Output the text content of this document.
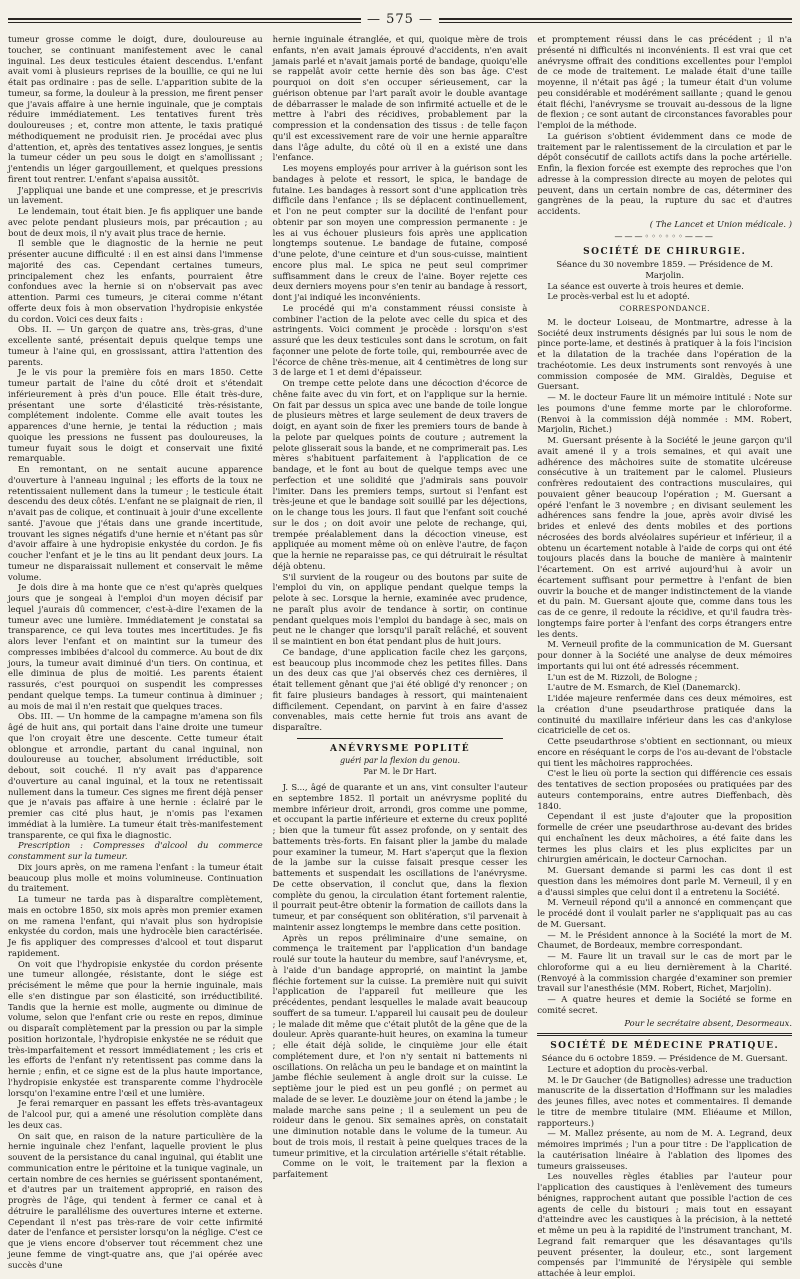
— 575 —

tumeur grosse comme le doigt, dure, douloureuse au toucher, se continuant manifestement avec le canal inguinal. Les deux testicules étaient descendus. L'enfant avait vomi à plusieurs reprises de la bouillie, ce qui ne lui était pas ordinaire : pas de selle. L'apparition subite de la tumeur, sa forme, la douleur à la pression, me firent penser que j'avais affaire à une hernie inguinale, que je comptais réduire immédiatement. Les tentatives furent très douloureuses ; et, contre mon attente, le taxis pratiqué méthodiquement ne produisit rien. Je procédai avec plus d'attention, et, après des tentatives assez longues, je sentis la tumeur céder un peu sous le doigt en s'amollissant ; j'entendis un léger gargouillement, et quelques pressions firent tout rentrer. L'enfant s'apaisa aussitôt.

J'appliquai une bande et une compresse, et je prescrivis un lavement.

Le lendemain, tout était bien. Je fis appliquer une bande avec pelote pendant plusieurs mois, par précaution ; au bout de deux mois, il n'y avait plus trace de hernie.

Il semble que le diagnostic de la hernie ne peut présenter aucune difficulté : il en est ainsi dans l'immense majorité des cas. Cependant certaines tumeurs, principalement chez les enfants, pourraient être confondues avec la hernie si on n'observait pas avec attention. Parmi ces tumeurs, je citerai comme n'étant offerte deux fois à mon observation l'hydropisie enkystée du cordon. Voici ces deux faits :

Obs. II. — Un garçon de quatre ans, très-gras, d'une excellente santé, présentait depuis quelque temps une tumeur à l'aine qui, en grossissant, attira l'attention des parents.

Je le vis pour la première fois en mars 1850. Cette tumeur partait de l'aine du côté droit et s'étendait inférieurement à près d'un pouce. Elle était très-dure, présentant une sorte d'élasticité très-résistante, complétement indolente. Comme elle avait toutes les apparences d'une hernie, je tentai la réduction ; mais quoique les pressions ne fussent pas douloureuses, la tumeur fuyait sous le doigt et conservait une fixité remarquable.

En remontant, on ne sentait aucune apparence d'ouverture à l'anneau inguinal ; les efforts de la toux ne retentissaient nullement dans la tumeur ; le testicule était descendu des deux côtés. L'enfant ne se plaignait de rien, il n'avait pas de colique, et continuait à jouir d'une excellente santé. J'avoue que j'étais dans une grande incertitude, trouvant les signes négatifs d'une hernie et n'étant pas sûr d'avoir affaire à une hydropisie enkystée du cordon. Je fis coucher l'enfant et je le tins au lit pendant deux jours. La tumeur ne disparaissait nullement et conservait le même volume.

Je dois dire à ma honte que ce n'est qu'après quelques jours que je songeai à l'emploi d'un moyen décisif par lequel j'aurais dû commencer, c'est-à-dire l'examen de la tumeur avec une lumière. Immédiatement je constatai sa transparence, ce qui leva toutes mes incertitudes. Je fis alors lever l'enfant et on maintint sur la tumeur des compresses imbibées d'alcool du commerce. Au bout de dix jours, la tumeur avait diminué d'un tiers. On continua, et elle diminua de plus de moitié. Les parents étaient rassurés, c'est pourquoi on suspendit les compresses pendant quelque temps. La tumeur continua à diminuer ; au mois de mai il n'en restait que quelques traces.

Obs. III. — Un homme de la campagne m'amena son fils âgé de huit ans, qui portait dans l'aine droite une tumeur que l'on croyait être une descente. Cette tumeur était oblongue et arrondie, partant du canal inguinal, non douloureuse au toucher, absolument irréductible, soit debout, soit couché. Il n'y avait pas d'apparence d'ouverture au canal inguinal, et la toux ne retentissait nullement dans la tumeur. Ces signes me firent déjà penser que je n'avais pas affaire à une hernie : éclairé par le premier cas cité plus haut, je n'omis pas l'examen immédiat à la lumière. La tumeur était très-manifestement transparente, ce qui fixa le diagnostic.

Prescription : Compresses d'alcool du commerce constamment sur la tumeur.

Dix jours après, on me ramena l'enfant : la tumeur était beaucoup plus molle et moins volumineuse. Continuation du traitement.

La tumeur ne tarda pas à disparaître complètement, mais en octobre 1850, six mois après mon premier examen on me ramena l'enfant, qui n'avait plus son hydropisie enkystée du cordon, mais une hydrocèle bien caractérisée. Je fis appliquer des compresses d'alcool et tout disparut rapidement.

On voit que l'hydropisie enkystée du cordon présente une tumeur allongée, résistante, dont le siége est précisément le même que pour la hernie inguinale, mais elle s'en distingue par son élasticité, son irréductibilité. Tandis que la hernie est molle, augmente ou diminue de volume, selon que l'enfant crie ou reste en repos, diminue ou disparaît complètement par la pression ou par la simple position horizontale, l'hydropisie enkystée ne se réduit que très-imparfaitement et ressort immédiatement ; les cris et les efforts de l'enfant n'y retentissent pas comme dans la hernie ; enfin, et ce signe est de la plus haute importance, l'hydropisie enkystée est transparente comme l'hydrocèle lorsqu'on l'examine entre l'œil et une lumière.

Je ferai remarquer en passant les effets très-avantageux de l'alcool pur, qui a amené une résolution complète dans les deux cas.

On sait que, en raison de la nature particulière de la hernie inguinale chez l'enfant, laquelle provient le plus souvent de la persistance du canal inguinal, qui établit une communication entre le péritoine et la tunique vaginale, un certain nombre de ces hernies se guérissent spontanément, et d'autres par un traitement approprié, en raison des progrès de l'âge, qui tendent à fermer ce canal et à détruire le parallélisme des ouvertures interne et externe. Cependant il n'est pas très-rare de voir cette infirmité dater de l'enfance et persister lorsqu'on la néglige. C'est ce que je viens encore d'observer tout récemment chez une jeune femme de vingt-quatre ans, que j'ai opérée avec succès d'une

hernie inguinale étranglée, et qui, quoique mère de trois enfants, n'en avait jamais éprouvé d'accidents, n'en avait jamais parlé et n'avait jamais porté de bandage, quoiqu'elle se rappelât avoir cette hernie dès son bas âge. C'est pourquoi on doit s'en occuper sérieusement, car la guérison obtenue par l'art paraît avoir le double avantage de débarrasser le malade de son infirmité actuelle et de le mettre à l'abri des récidives, probablement par la compression et la condensation des tissus : de telle façon qu'il est excessivement rare de voir une hernie apparaître dans l'âge adulte, du côté où il en a existé une dans l'enfance.

Les moyens employés pour arriver à la guérison sont les bandages à pelote et ressort, le spica, le bandage de futaine. Les bandages à ressort sont d'une application très difficile dans l'enfance ; ils se déplacent continuellement, et l'on ne peut compter sur la docilité de l'enfant pour obtenir par son moyen une compression permanente : je les ai vus échouer plusieurs fois après une application longtemps soutenue. Le bandage de futaine, composé d'une pelote, d'une ceinture et d'un sous-cuisse, maintient encore plus mal. Le spica ne peut seul comprimer suffisamment dans le creux de l'aine. Boyer rejette ces deux derniers moyens pour s'en tenir au bandage à ressort, dont j'ai indiqué les inconvénients.

Le procédé qui m'a constamment réussi consiste à combiner l'action de la pelote avec celle du spica et des astringents. Voici comment je procède : lorsqu'on s'est assuré que les deux testicules sont dans le scrotum, on fait façonner une pelote de forte toile, qui, rembourrée avec de l'écorce de chêne très-menue, ait 4 centimètres de long sur 3 de large et 1 et demi d'épaisseur.

On trempe cette pelote dans une décoction d'écorce de chêne faite avec du vin fort, et on l'applique sur la hernie. On fait par dessus un spica avec une bande de toile longue de plusieurs mètres et large seulement de deux travers de doigt, en ayant soin de fixer les premiers tours de bande à la pelote par quelques points de couture ; autrement la pelote glisserait sous la bande, et ne comprimerait pas. Les mères s'habituent parfaitement à l'application de ce bandage, et le font au bout de quelque temps avec une perfection et une solidité que j'admirais sans pouvoir l'imiter. Dans les premiers temps, surtout si l'enfant est très-jeune et que le bandage soit souillé par les déjections, on le change tous les jours. Il faut que l'enfant soit couché sur le dos ; on doit avoir une pelote de rechange, qui, trempée préalablement dans la décoction vineuse, est appliquée au moment même où on enlève l'autre, de façon que la hernie ne reparaisse pas, ce qui détruirait le résultat déjà obtenu.

S'il survient de la rougeur ou des boutons par suite de l'emploi du vin, on applique pendant quelque temps la pelote à sec. Lorsque la hernie, examinée avec prudence, ne paraît plus avoir de tendance à sortir, on continue pendant quelques mois l'emploi du bandage à sec, mais on peut ne le changer que lorsqu'il paraît relâché, et souvent il se maintient en bon état pendant plus de huit jours.

Ce bandage, d'une application facile chez les garçons, est beaucoup plus incommode chez les petites filles. Dans un des deux cas que j'ai observés chez ces dernières, il était tellement gênant que j'ai été obligé d'y renoncer ; on fit faire plusieurs bandages à ressort, qui maintenaient difficilement. Cependant, on parvint à en faire d'assez convenables, mais cette hernie fut trois ans avant de disparaître.

ANÉVRYSME POPLITÉ
guéri par la flexion du genou.
Par M. le Dr Hart.

J. S..., âgé de quarante et un ans, vint consulter l'auteur en septembre 1852. Il portait un anévrysme poplité du membre inférieur droit, arrondi, gros comme une pomme, et occupant la partie inférieure et externe du creux poplité ; bien que la tumeur fût assez profonde, on y sentait des battements très-forts. En faisant plier la jambe du malade pour examiner la tumeur, M. Hart s'aperçut que la flexion de la jambe sur la cuisse faisait presque cesser les battements et suspendait les oscillations de l'anévrysme. De cette observation, il conclut que, dans la flexion complète du genou, la circulation étant fortement ralentie, il pourrait peut-être obtenir la formation de caillots dans la tumeur, et par conséquent son oblitération, s'il parvenait à maintenir assez longtemps le membre dans cette position.

Après un repos préliminaire d'une semaine, on commença le traitement par l'application d'un bandage roulé sur toute la hauteur du membre, sauf l'anévrysme, et, à l'aide d'un bandage approprié, on maintint la jambe fléchie fortement sur la cuisse. La première nuit qui suivit l'application de l'appareil fut meilleure que les précédentes, pendant lesquelles le malade avait beaucoup souffert de sa tumeur. L'appareil lui causait peu de douleur ; le malade dit même que c'était plutôt de la gêne que de la douleur. Après quarante-huit heures, on examina la tumeur ; elle était déjà solide, le cinquième jour elle était complétement dure, et l'on n'y sentait ni battements ni oscillations. On relâcha un peu le bandage et on maintint la jambe fléchie seulement à angle droit sur la cuisse. Le septième jour le pied est un peu gonflé ; on permet au malade de se lever. Le douzième jour on étend la jambe ; le malade marche sans peine ; il a seulement un peu de roideur dans le genou. Six semaines après, on constatait une diminution notable dans le volume de la tumeur. Au bout de trois mois, il restait à peine quelques traces de la tumeur primitive, et la circulation artérielle s'était rétablie.

Comme on le voit, le traitement par la flexion a parfaitement

et promptement réussi dans le cas précédent ; il n'a présenté ni difficultés ni inconvénients. Il est vrai que cet anévrysme offrait des conditions excellentes pour l'emploi de ce mode de traitement. Le malade était d'une taille moyenne, il n'était pas âgé ; la tumeur était d'un volume peu considérable et modérément saillante ; quand le genou était fléchi, l'anévrysme se trouvait au-dessous de la ligne de flexion ; ce sont autant de circonstances favorables pour l'emploi de la méthode.

La guérison s'obtient évidemment dans ce mode de traitement par le ralentissement de la circulation et par le dépôt consécutif de caillots actifs dans la poche artérielle. Enfin, la flexion forcée est exempte des reproches que l'on adresse à la compression directe au moyen de pelotes qui peuvent, dans un certain nombre de cas, déterminer des gangrènes de la peau, la rupture du sac et d'autres accidents.

( The Lancet et Union médicale. )
———◦◦◦◦◦◦———
SOCIÉTÉ DE CHIRURGIE.

Séance du 30 novembre 1859. — Présidence de M. Marjolin.

La séance est ouverte à trois heures et demie.

Le procès-verbal est lu et adopté.

CORRESPONDANCE.

M. le docteur Loiseau, de Montmartre, adresse à la Société deux instruments désignés par lui sous le nom de pince porte-lame, et destinés à pratiquer à la fois l'incision et la dilatation de la trachée dans l'opération de la trachéotomie. Les deux instruments sont renvoyés à une commission composée de MM. Giraldès, Deguise et Guersant.

— M. le docteur Faure lit un mémoire intitulé : Note sur les poumons d'une femme morte par le chloroforme. (Renvoi à la commission déjà nommée : MM. Robert, Marjolin, Richet.)

M. Guersant présente à la Société le jeune garçon qu'il avait amené il y a trois semaines, et qui avait une adhérence des mâchoires suite de stomatite ulcéreuse consécutive à un traitement par le calomel. Plusieurs confrères redoutaient des contractions musculaires, qui pouvaient gêner beaucoup l'opération ; M. Guersant a opéré l'enfant le 3 novembre ; en divisant seulement les adhérences sans fendre la joue, après avoir divisé les brides et enlevé des dents mobiles et des portions nécrosées des bords alvéolaires supérieur et inférieur, il a obtenu un écartement notable à l'aide de corps qui ont été toujours placés dans la bouche de manière à maintenir l'écartement. On est arrivé aujourd'hui à avoir un écartement suffisant pour permettre à l'enfant de bien ouvrir la bouche et de manger indistinctement de la viande et du pain. M. Guersant ajoute que, comme dans tous les cas de ce genre, il redoute la récidive, et qu'il faudra très-longtemps faire porter à l'enfant des corps étrangers entre les dents.

M. Verneuil profite de la communication de M. Guersant pour donner à la Société une analyse de deux mémoires importants qui lui ont été adressés récemment.

L'un est de M. Rizzoli, de Bologne ;

L'autre de M. Esmarch, de Kiel (Danemarck).

L'idée majeure renfermée dans ces deux mémoires, est la création d'une pseudarthrose pratiquée dans la continuité du maxillaire inférieur dans les cas d'ankylose cicatricielle de cet os.

Cette pseudarthrose s'obtient en sectionnant, ou mieux encore en réséquant le corps de l'os au-devant de l'obstacle qui tient les mâchoires rapprochées.

C'est le lieu où porte la section qui différencie ces essais des tentatives de section proposées ou pratiquées par des auteurs contemporains, entre autres Dieffenbach, dès 1840.

Cependant il est juste d'ajouter que la proposition formelle de créer une pseudarthrose au-devant des brides qui enchaînent les deux mâchoires, a été faite dans les termes les plus clairs et les plus explicites par un chirurgien américain, le docteur Carnochan.

M. Guersant demande si parmi les cas dont il est question dans les mémoires dont parle M. Verneuil, il y en a d'aussi simples que celui dont il a entretenu la Société.

M. Verneuil répond qu'il a annoncé en commençant que le procédé dont il voulait parler ne s'appliquait pas au cas de M. Guersant.

— M. le Président annonce à la Société la mort de M. Chaumet, de Bordeaux, membre correspondant.

— M. Faure lit un travail sur le cas de mort par le chloroforme qui a eu lieu dernièrement à la Charité. (Renvoyé à la commission chargée d'examiner son premier travail sur l'anesthésie (MM. Robert, Richet, Marjolin).

— A quatre heures et demie la Société se forme en comité secret.

Pour le secrétaire absent, Desormeaux.
SOCIÉTÉ DE MÉDECINE PRATIQUE.

Séance du 6 octobre 1859. — Présidence de M. Guersant.

Lecture et adoption du procès-verbal.

M. le Dr Gaucher (de Batignolles) adresse une traduction manuscrite de la dissertation d'Hoffmann sur les maladies des jeunes filles, avec notes et commentaires. Il demande le titre de membre titulaire (MM. Eliéaume et Millon, rapporteurs.)

— M. Mallez présente, au nom de M. A. Legrand, deux mémoires imprimés ; l'un a pour titre : De l'application de la cautérisation linéaire à l'ablation des lipomes des tumeurs graisseuses.

Les nouvelles règles établies par l'auteur pour l'application des caustiques à l'enlèvement des tumeurs bénignes, rapprochent autant que possible l'action de ces agents de celle du bistouri ; mais tout en essayant d'atteindre avec les caustiques à la précision, à la netteté et même un peu à la rapidité de l'instrument tranchant, M. Legrand fait remarquer que les désavantages qu'ils peuvent présenter, la douleur, etc., sont largement compensés par l'immunité de l'érysipèle qui semble attachée à leur emploi.
